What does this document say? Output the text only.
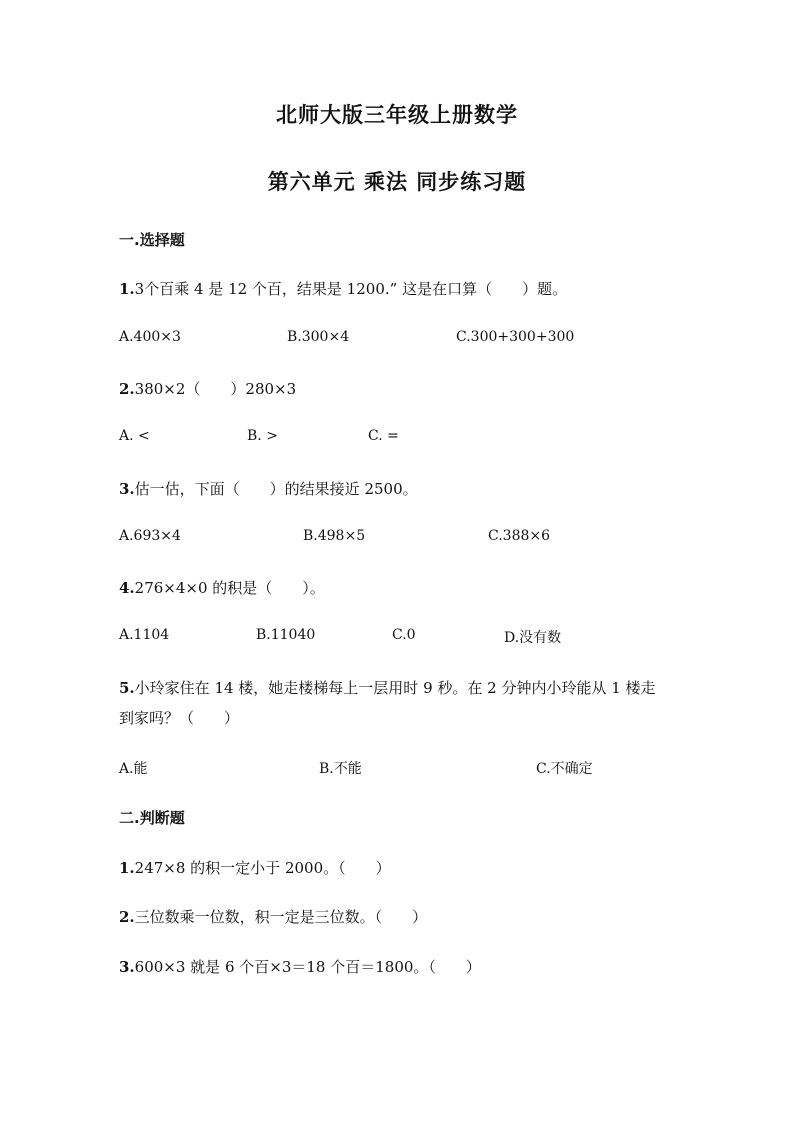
北师大版三年级上册数学
第六单元 乘法 同步练习题
一.选择题
1.3个百乘 4 是 12 个百，结果是 1200.” 这是在口算（　　）题。
A.400×3	B.300×4	C.300+300+300
2.380×2（　　）280×3
A. <	B. >	C. =
3.估一估，下面（　　）的结果接近 2500。
A.693×4	B.498×5	C.388×6
4.276×4×0 的积是（　　）。
A.1104	B.11040	C.0	D.没有数
5.小玲家住在 14 楼，她走楼梯每上一层用时 9 秒。在 2 分钟内小玲能从 1 楼走
到家吗？（　　）
A.能	B.不能	C.不确定
二.判断题
1.247×8 的积一定小于 2000。（　　）
2.三位数乘一位数，积一定是三位数。（　　）
3.600×3 就是 6 个百×3＝18 个百＝1800。（　　）
